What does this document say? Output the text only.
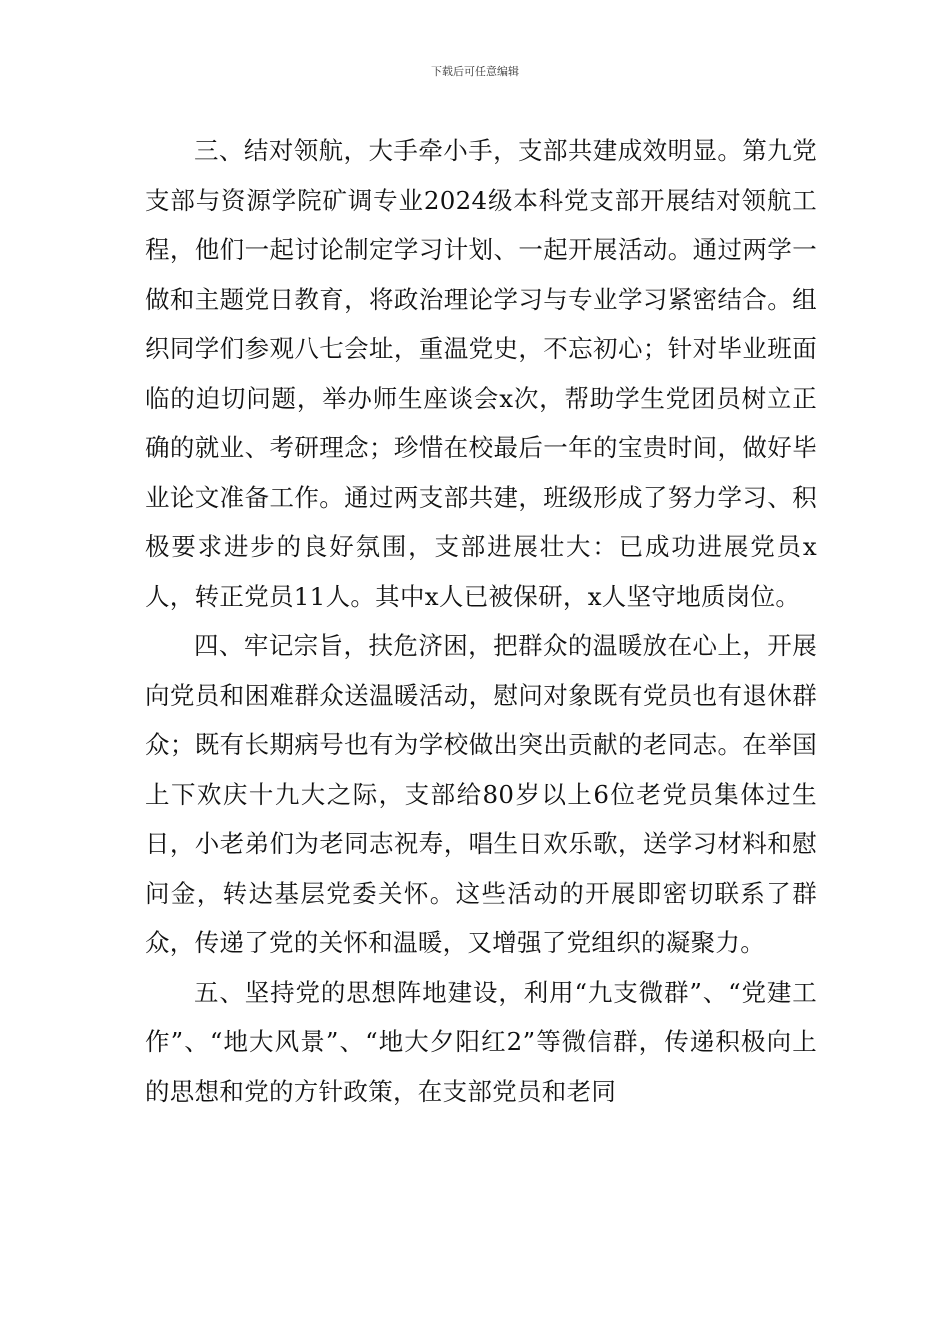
下载后可任意编辑

三、结对领航，大手牵小手，支部共建成效明显。第九党支部与资源学院矿调专业2024级本科党支部开展结对领航工程，他们一起讨论制定学习计划、一起开展活动。通过两学一做和主题党日教育，将政治理论学习与专业学习紧密结合。组织同学们参观八七会址，重温党史，不忘初心；针对毕业班面临的迫切问题，举办师生座谈会x次，帮助学生党团员树立正确的就业、考研理念；珍惜在校最后一年的宝贵时间，做好毕业论文准备工作。通过两支部共建，班级形成了努力学习、积极要求进步的良好氛围，支部进展壮大：已成功进展党员x人，转正党员11人。其中x人已被保研，x人坚守地质岗位。

四、牢记宗旨，扶危济困，把群众的温暖放在心上，开展向党员和困难群众送温暖活动，慰问对象既有党员也有退休群众；既有长期病号也有为学校做出突出贡献的老同志。在举国上下欢庆十九大之际，支部给80岁以上6位老党员集体过生日，小老弟们为老同志祝寿，唱生日欢乐歌，送学习材料和慰问金，转达基层党委关怀。这些活动的开展即密切联系了群众，传递了党的关怀和温暖，又增强了党组织的凝聚力。

五、坚持党的思想阵地建设，利用“九支微群”、“党建工作”、“地大风景”、“地大夕阳红2”等微信群，传递积极向上的思想和党的方针政策，在支部党员和老同
